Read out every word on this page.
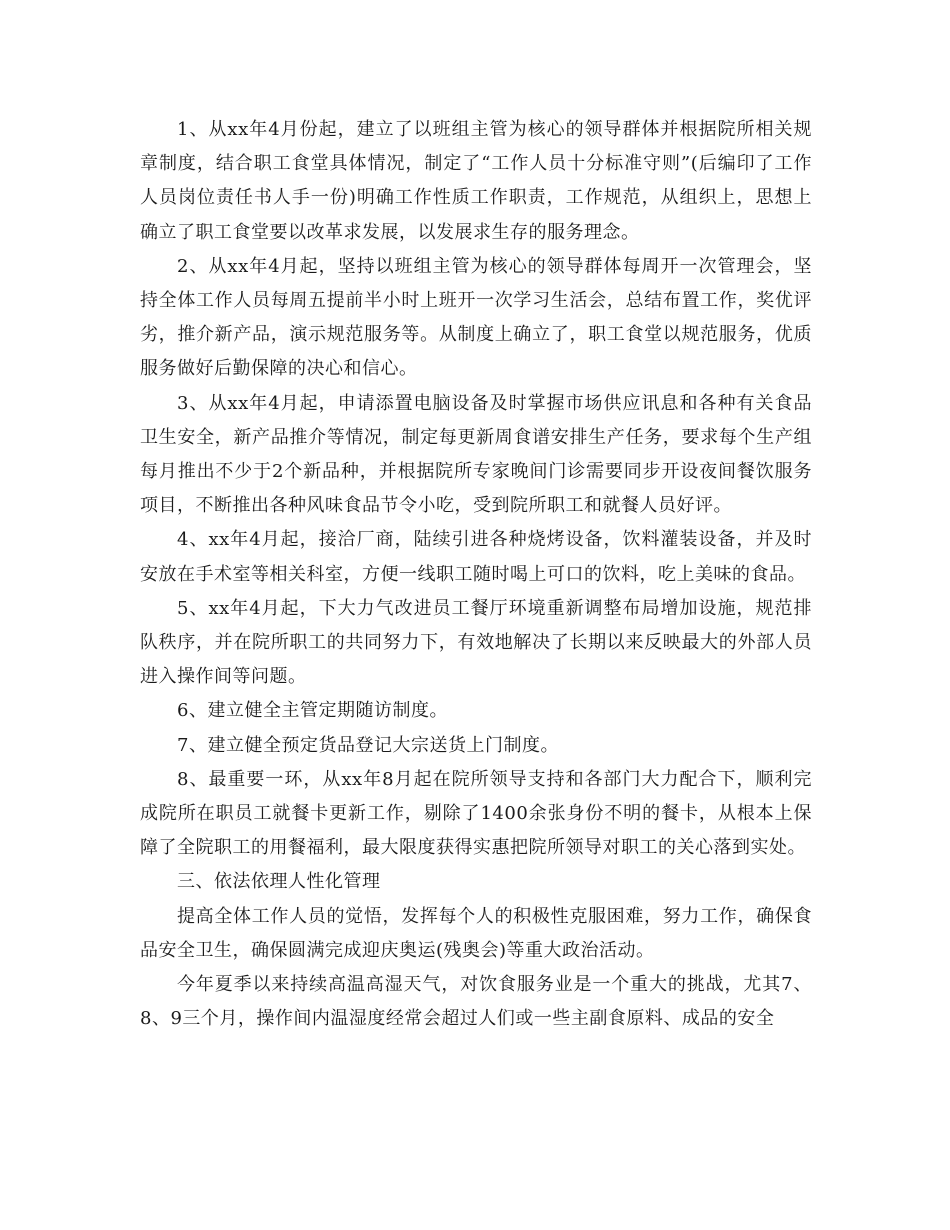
1、从xx年4月份起，建立了以班组主管为核心的领导群体并根据院所相关规章制度，结合职工食堂具体情况，制定了“工作人员十分标准守则”(后编印了工作人员岗位责任书人手一份)明确工作性质工作职责，工作规范，从组织上，思想上确立了职工食堂要以改革求发展，以发展求生存的服务理念。

2、从xx年4月起，坚持以班组主管为核心的领导群体每周开一次管理会，坚持全体工作人员每周五提前半小时上班开一次学习生活会，总结布置工作，奖优评劣，推介新产品，演示规范服务等。从制度上确立了，职工食堂以规范服务，优质服务做好后勤保障的决心和信心。

3、从xx年4月起，申请添置电脑设备及时掌握市场供应讯息和各种有关食品卫生安全，新产品推介等情况，制定每更新周食谱安排生产任务，要求每个生产组每月推出不少于2个新品种，并根据院所专家晚间门诊需要同步开设夜间餐饮服务项目，不断推出各种风味食品节令小吃，受到院所职工和就餐人员好评。

4、xx年4月起，接洽厂商，陆续引进各种烧烤设备，饮料灌装设备，并及时安放在手术室等相关科室，方便一线职工随时喝上可口的饮料，吃上美味的食品。

5、xx年4月起，下大力气改进员工餐厅环境重新调整布局增加设施，规范排队秩序，并在院所职工的共同努力下，有效地解决了长期以来反映最大的外部人员进入操作间等问题。

6、建立健全主管定期随访制度。

7、建立健全预定货品登记大宗送货上门制度。

8、最重要一环，从xx年8月起在院所领导支持和各部门大力配合下，顺利完成院所在职员工就餐卡更新工作，剔除了1400余张身份不明的餐卡，从根本上保障了全院职工的用餐福利，最大限度获得实惠把院所领导对职工的关心落到实处。

三、依法依理人性化管理

提高全体工作人员的觉悟，发挥每个人的积极性克服困难，努力工作，确保食品安全卫生，确保圆满完成迎庆奥运(残奥会)等重大政治活动。

今年夏季以来持续高温高湿天气，对饮食服务业是一个重大的挑战，尤其7、8、9三个月，操作间内温湿度经常会超过人们或一些主副食原料、成品的安全
